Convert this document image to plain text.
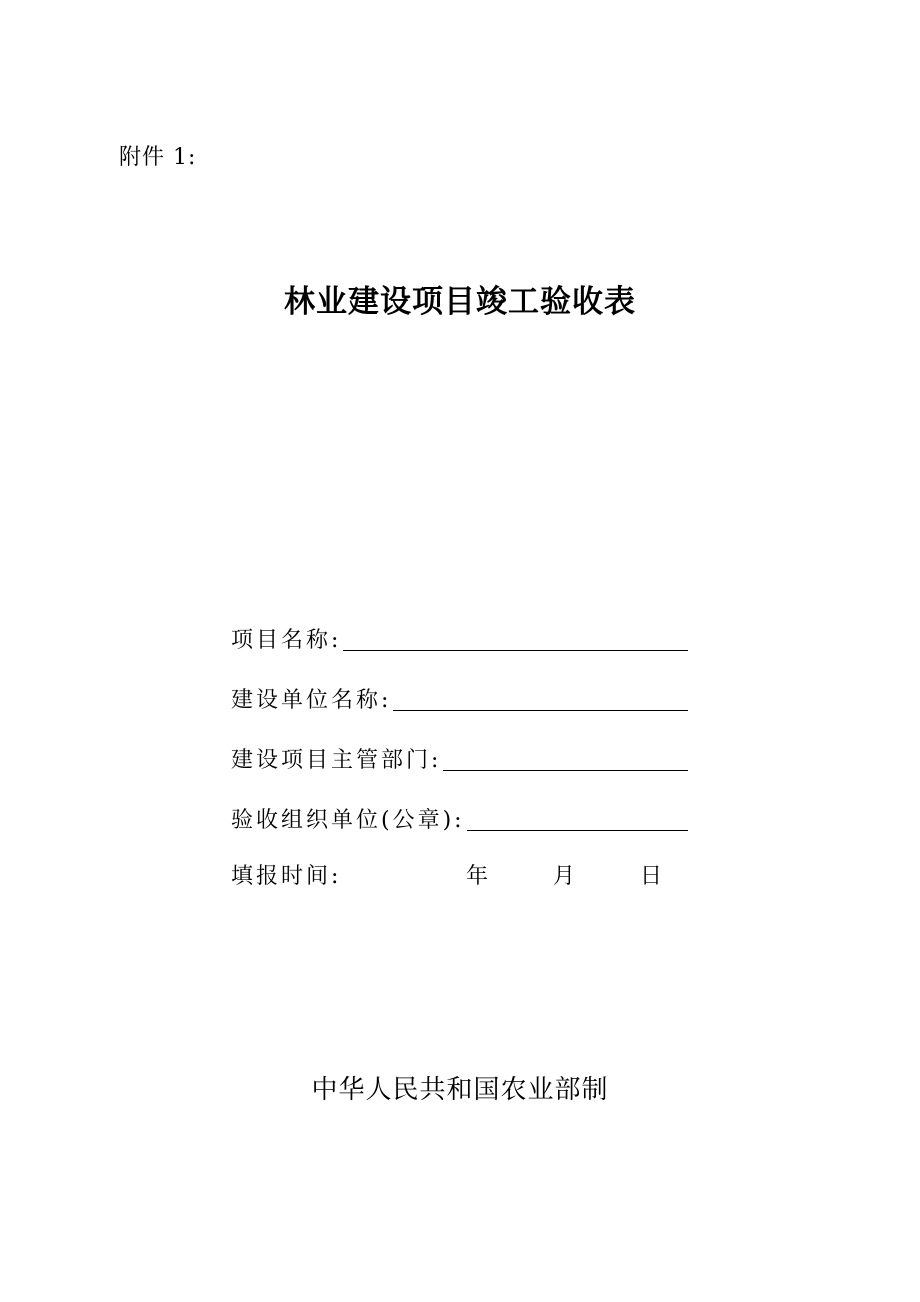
附件 1:
林业建设项目竣工验收表
项目名称:
建设单位名称:
建设项目主管部门:
验收组织单位(公章):
填报时间:	年	月	日
中华人民共和国农业部制
